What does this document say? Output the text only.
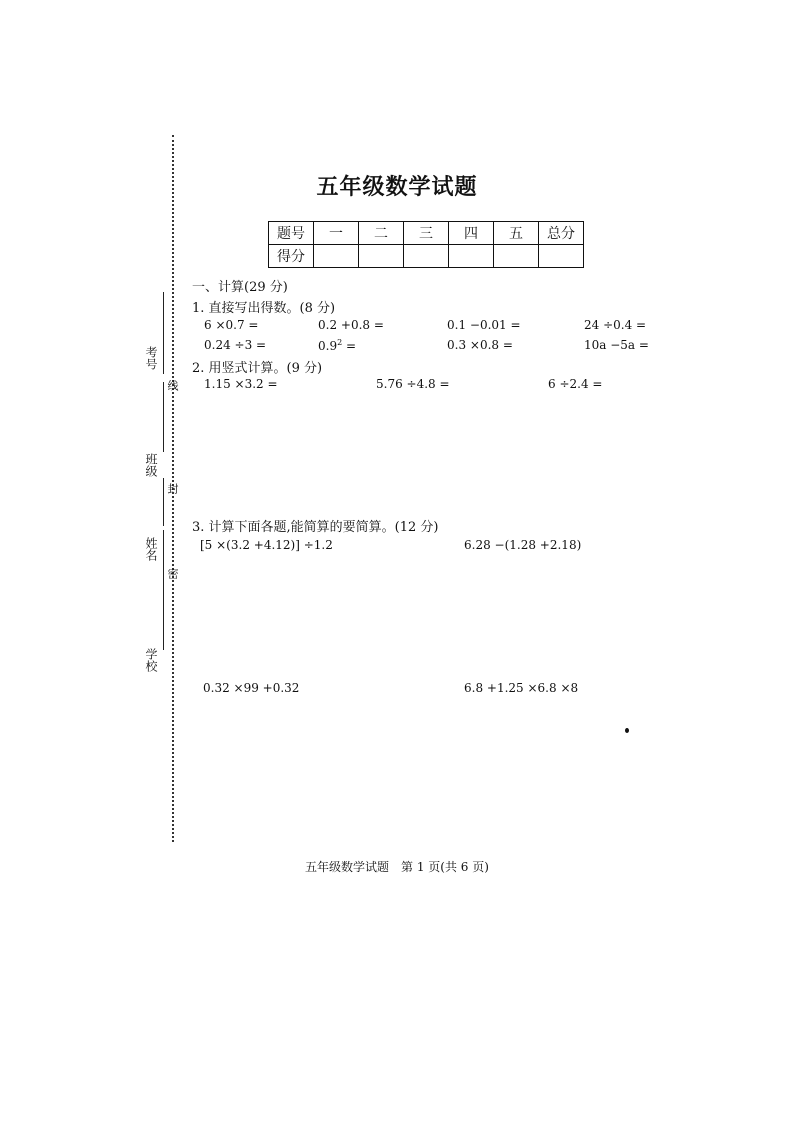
考号
线
班级
封
姓名
密
学校
五年级数学试题
题号	一	二	三	四	五	总分
得分						
一、计算(29 分)
1. 直接写出得数。(8 分)
6 ×0.7 =	0.2 +0.8 =	0.1 −0.01 =	24 ÷0.4 =
0.24 ÷3 =	$0.9^2$ =	0.3 ×0.8 =	10a −5a =
2. 用竖式计算。(9 分)
1.15 ×3.2 =	5.76 ÷4.8 =	6 ÷2.4 =
3. 计算下面各题,能简算的要简算。(12 分)
[5 ×(3.2 +4.12)] ÷1.2	6.28 −(1.28 +2.18)
0.32 ×99 +0.32	6.8 +1.25 ×6.8 ×8
五年级数学试题　第 1 页(共 6 页)
